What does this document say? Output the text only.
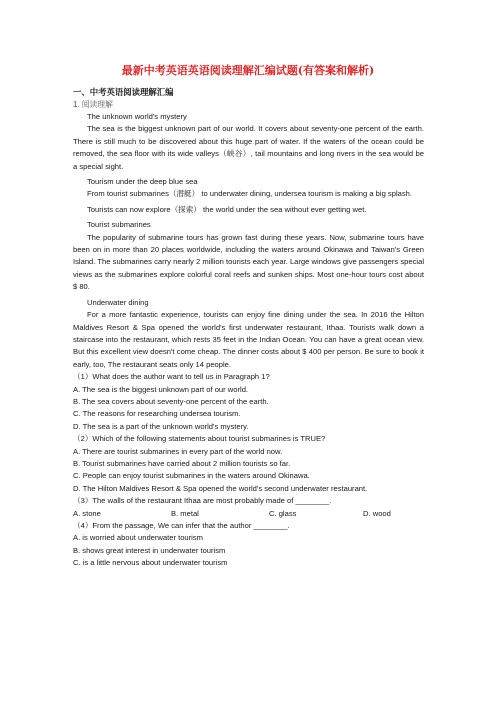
最新中考英语英语阅读理解汇编试题(有答案和解析)
一、中考英语阅读理解汇编
1. 阅读理解

The unknown world's mystery

The sea is the biggest unknown part of our world. It covers about seventy-one percent of the earth. There is still much to be discovered about this huge part of water. If the waters of the ocean could be removed, the sea floor with its wide valleys（峡谷）, tail mountains and long rivers in the sea would be a special sight.

Tourism under the deep blue sea

From tourist submarines（潜艇） to underwater dining, undersea tourism is making a big splash.

Tourists can now explore（探索） the world under the sea without ever getting wet.

Tourist submarines

The popularity of submarine tours has grown fast during these years. Now, submarine tours have been on in more than 20 places worldwide, including the waters around Okinawa and Taiwan's Green Island. The submarines carry nearly 2 million tourists each year. Large windows give passengers special views as the submarines explore colorful coral reefs and sunken ships. Most one-hour tours cost about $ 80.

Underwater dining

For a more fantastic experience, tourists can enjoy fine dining under the sea. In 2016 the Hilton Maldives Resort & Spa opened the world's first underwater restaurant, Ithaa. Tourists walk down a staircase into the restaurant, which rests 35 feet in the Indian Ocean. You can have a great ocean view. But this excellent view doesn't come cheap. The dinner costs about $ 400 per person. Be sure to book it early, too, The restaurant seats only 14 people.

（1）What does the author want to tell us in Paragraph 1?

A. The sea is the biggest unknown part of our world.

B. The sea covers about seventy-one percent of the earth.

C. The reasons for researching undersea tourism.

D. The sea is a part of the unknown world's mystery.

（2）Which of the following statements about tourist submarines is TRUE?

A. There are tourist submarines in every part of the world now.

B. Tourist submarines have carried about 2 million tourists so far.

C. People can enjoy tourist submarines in the waters around Okinawa.

D. The Hilton Maldives Resort & Spa opened the world's second underwater restaurant.

（3）The walls of the restaurant Ithaa are most probably made of ________.

A. stone	B. metal	C. glass	D. wood

（4）From the passage, We can infer that the author ________.

A. is worried about underwater tourism

B. shows great interest in underwater tourism

C. is a little nervous about underwater tourism
